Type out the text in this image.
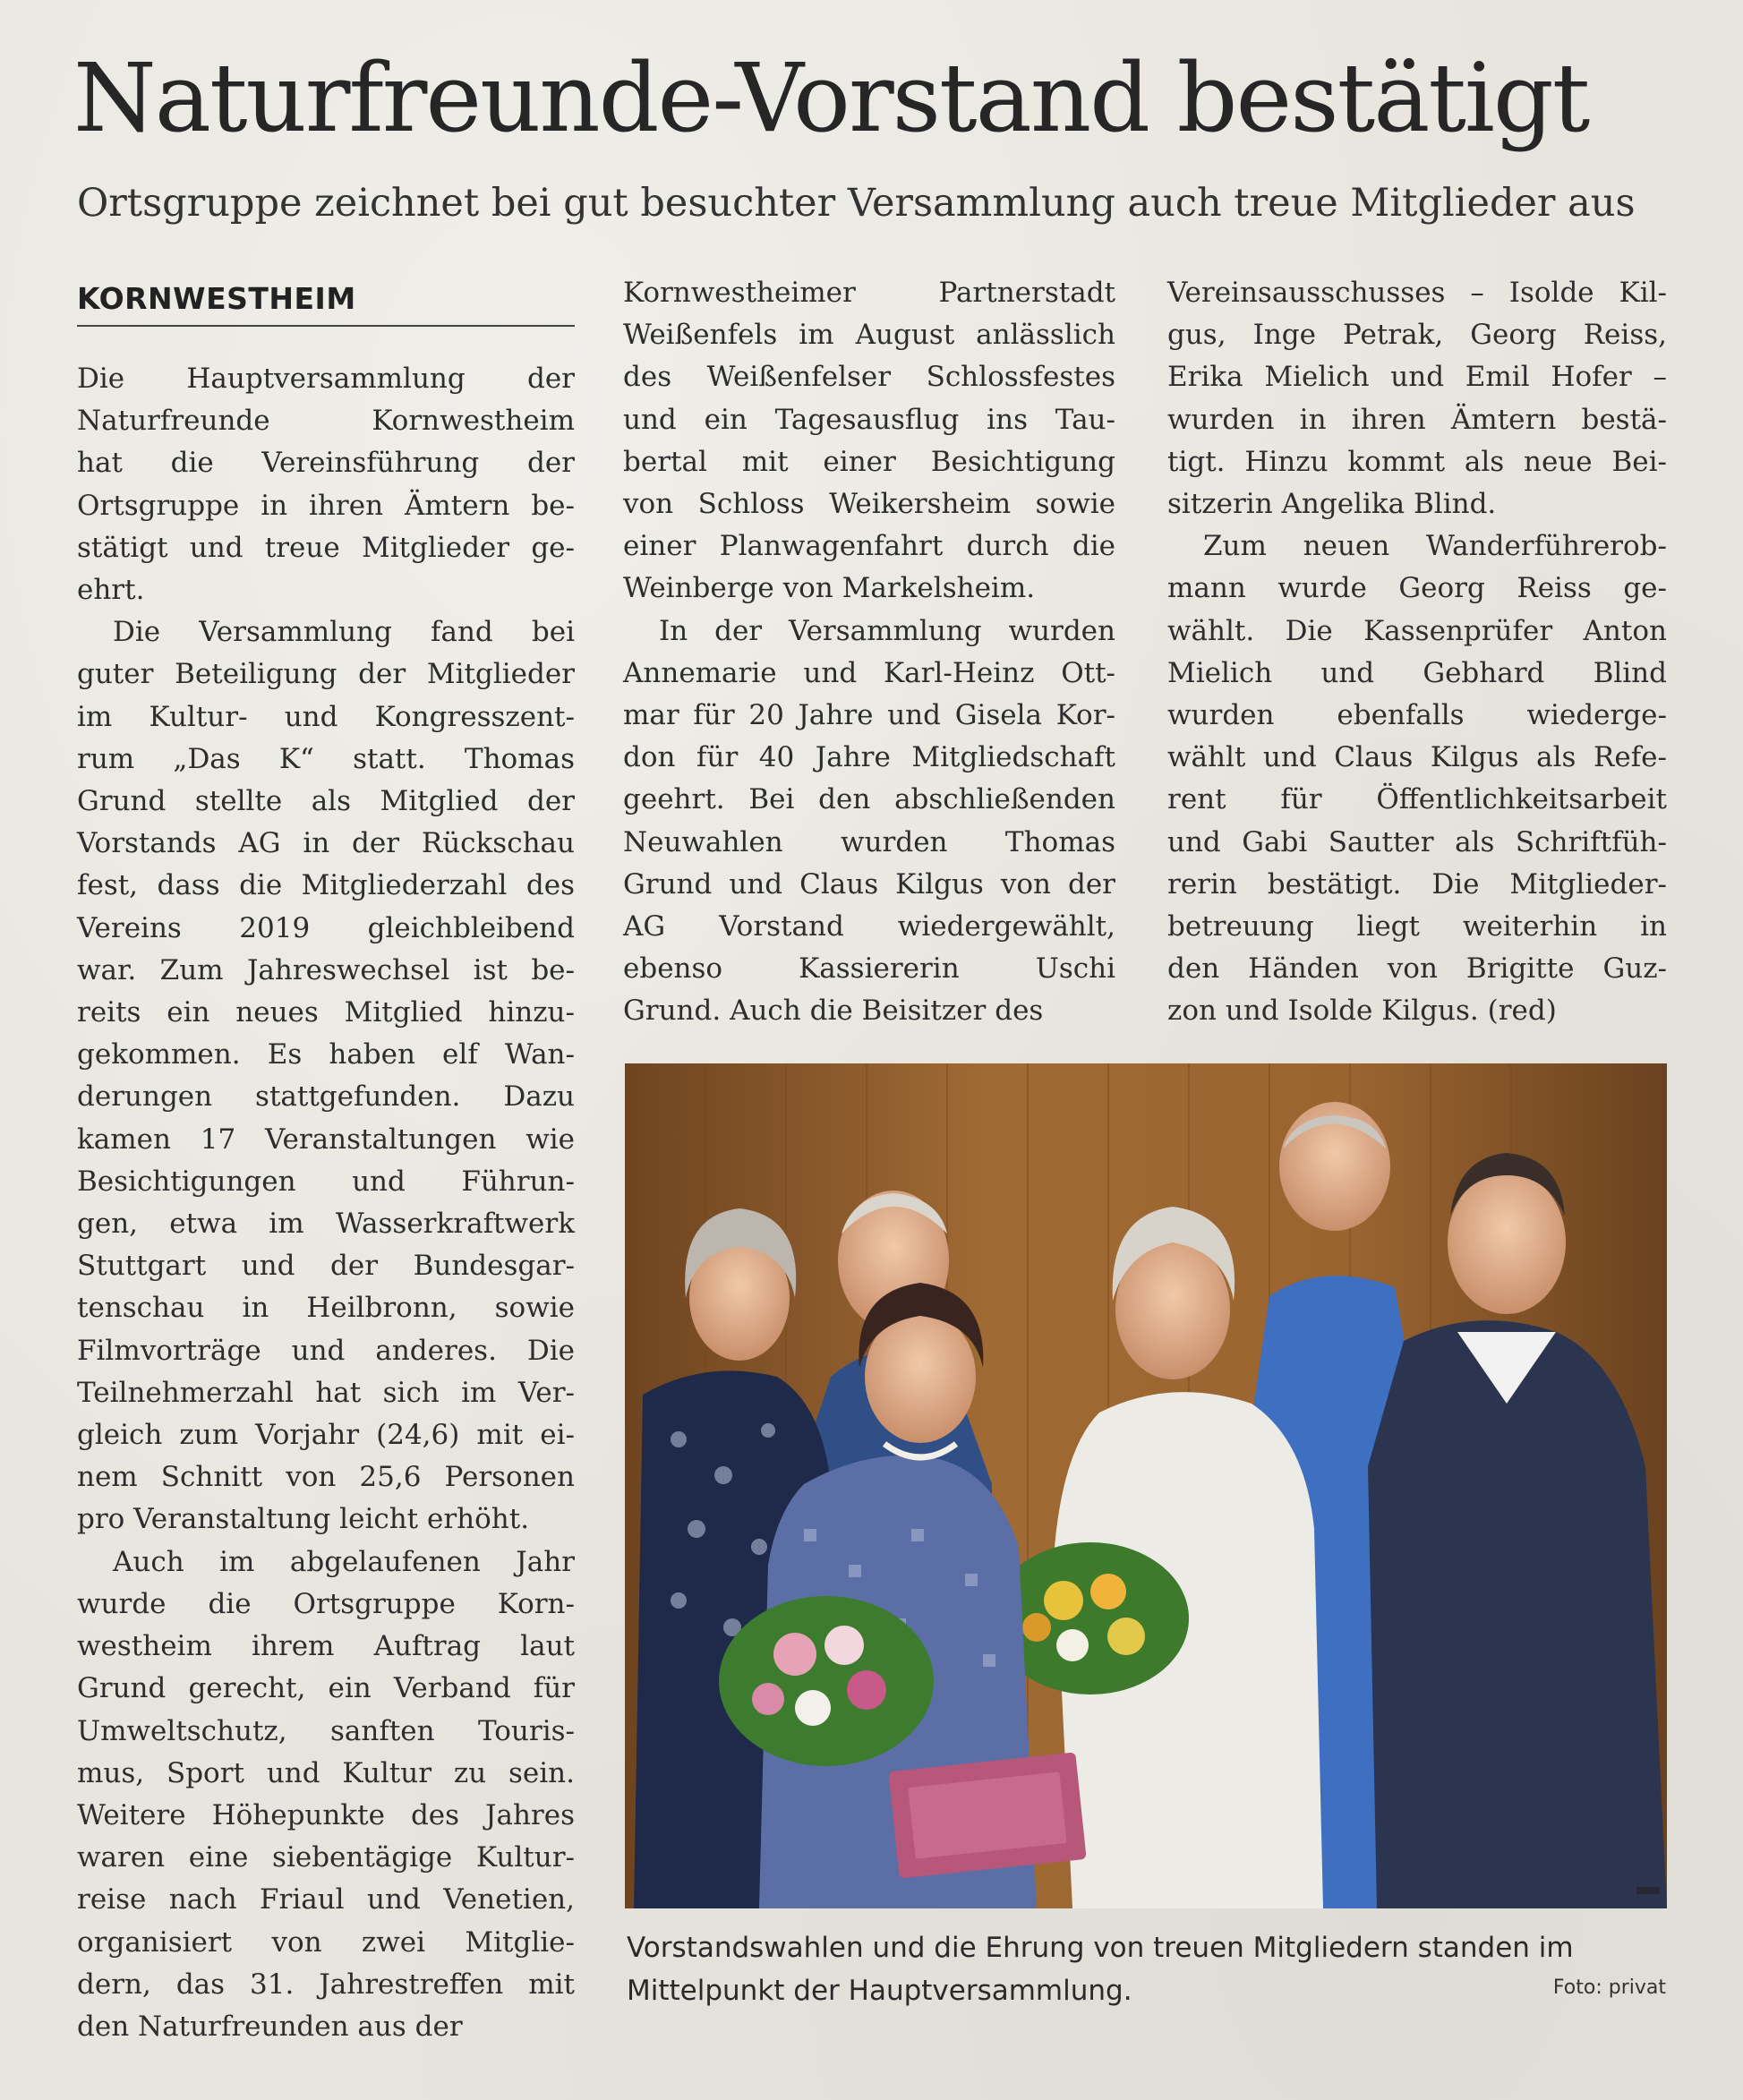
Naturfreunde-Vorstand bestätigt
Ortsgruppe zeichnet bei gut besuchter Versammlung auch treue Mitglieder aus
KORNWESTHEIM
Die Hauptversammlung der
Naturfreunde Kornwestheim
hat die Vereinsführung der
Ortsgruppe in ihren Ämtern be-
stätigt und treue Mitglieder ge-
ehrt.
Die Versammlung fand bei
guter Beteiligung der Mitglieder
im Kultur- und Kongresszent-
rum „Das K“ statt. Thomas
Grund stellte als Mitglied der
Vorstands AG in der Rückschau
fest, dass die Mitgliederzahl des
Vereins 2019 gleichbleibend
war. Zum Jahreswechsel ist be-
reits ein neues Mitglied hinzu-
gekommen. Es haben elf Wan-
derungen stattgefunden. Dazu
kamen 17 Veranstaltungen wie
Besichtigungen und Führun-
gen, etwa im Wasserkraftwerk
Stuttgart und der Bundesgar-
tenschau in Heilbronn, sowie
Filmvorträge und anderes. Die
Teilnehmerzahl hat sich im Ver-
gleich zum Vorjahr (24,6) mit ei-
nem Schnitt von 25,6 Personen
pro Veranstaltung leicht erhöht.
Auch im abgelaufenen Jahr
wurde die Ortsgruppe Korn-
westheim ihrem Auftrag laut
Grund gerecht, ein Verband für
Umweltschutz, sanften Touris-
mus, Sport und Kultur zu sein.
Weitere Höhepunkte des Jahres
waren eine siebentägige Kultur-
reise nach Friaul und Venetien,
organisiert von zwei Mitglie-
dern, das 31. Jahrestreffen mit
den Naturfreunden aus der
Kornwestheimer Partnerstadt
Weißenfels im August anlässlich
des Weißenfelser Schlossfestes
und ein Tagesausflug ins Tau-
bertal mit einer Besichtigung
von Schloss Weikersheim sowie
einer Planwagenfahrt durch die
Weinberge von Markelsheim.
In der Versammlung wurden
Annemarie und Karl-Heinz Ott-
mar für 20 Jahre und Gisela Kor-
don für 40 Jahre Mitgliedschaft
geehrt. Bei den abschließenden
Neuwahlen wurden Thomas
Grund und Claus Kilgus von der
AG Vorstand wiedergewählt,
ebenso Kassiererin Uschi
Grund. Auch die Beisitzer des
Vereinsausschusses – Isolde Kil-
gus, Inge Petrak, Georg Reiss,
Erika Mielich und Emil Hofer –
wurden in ihren Ämtern bestä-
tigt. Hinzu kommt als neue Bei-
sitzerin Angelika Blind.
Zum neuen Wanderführerob-
mann wurde Georg Reiss ge-
wählt. Die Kassenprüfer Anton
Mielich und Gebhard Blind
wurden ebenfalls wiederge-
wählt und Claus Kilgus als Refe-
rent für Öffentlichkeitsarbeit
und Gabi Sautter als Schriftfüh-
rerin bestätigt. Die Mitglieder-
betreuung liegt weiterhin in
den Händen von Brigitte Guz-
zon und Isolde Kilgus. (red)
Vorstandswahlen und die Ehrung von treuen Mitgliedern standen im
Mittelpunkt der Hauptversammlung.	Foto: privat
